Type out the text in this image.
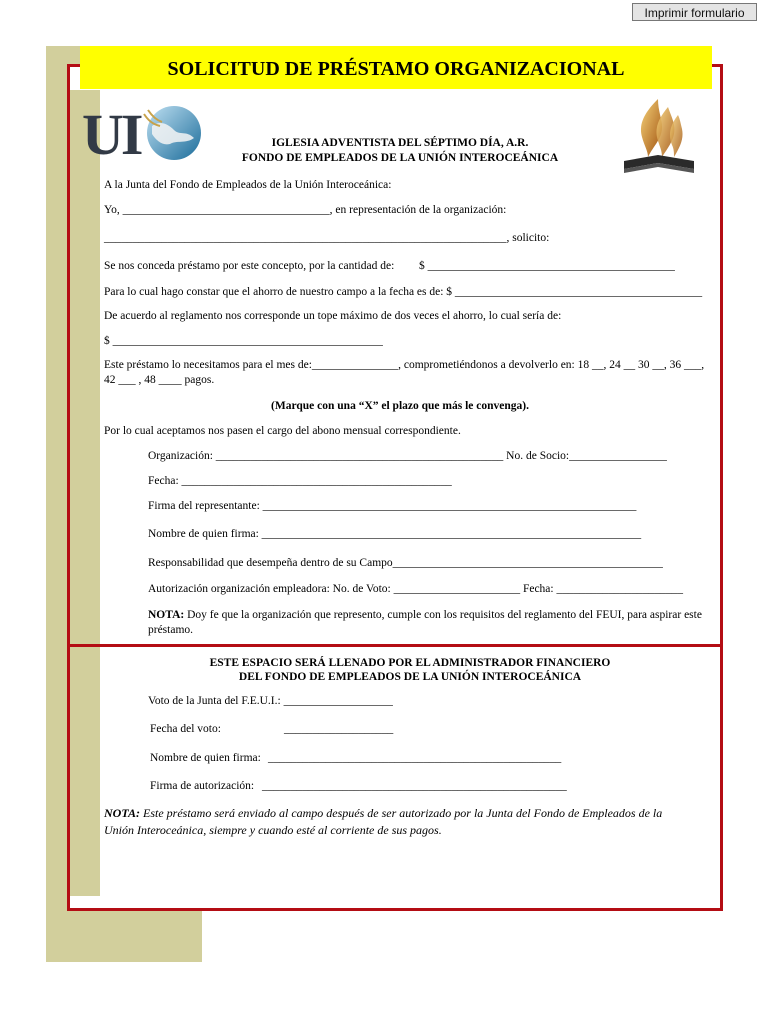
Imprimir formulario
SOLICITUD DE PRÉSTAMO ORGANIZACIONAL
UI	IGLESIA ADVENTISTA DEL SÉPTIMO DÍA, A.R.
FONDO DE EMPLEADOS DE LA UNIÓN INTEROCEÁNICA
A la Junta del Fondo de Empleados de la Unión Interoceánica:
Yo, ____________________________________, en representación de la organización:
______________________________________________________________________, solicito:
Se nos conceda préstamo por este concepto, por la cantidad de: $ ___________________________________________
Para lo cual hago constar que el ahorro de nuestro campo a la fecha es de: $ ___________________________________________
De acuerdo al reglamento nos corresponde un tope máximo de dos veces el ahorro, lo cual sería de:
$ _______________________________________________
Este préstamo lo necesitamos para el mes de:_______________, comprometiéndonos a devolverlo en: 18 __, 24 __ 30 __, 36 ___,
42 ___ , 48 ____ pagos.
(Marque con una “X” el plazo que más le convenga).
Por lo cual aceptamos nos pasen el cargo del abono mensual correspondiente.
Organización: __________________________________________________ No. de Socio:_________________
Fecha: _______________________________________________
Firma del representante: _________________________________________________________________
Nombre de quien firma: __________________________________________________________________
Responsabilidad que desempeña dentro de su Campo_______________________________________________
Autorización organización empleadora: No. de Voto: ______________________ Fecha: ______________________
NOTA: Doy fe que la organización que represento, cumple con los requisitos del reglamento del FEUI, para aspirar este
préstamo.
ESTE ESPACIO SERÁ LLENADO POR EL ADMINISTRADOR FINANCIERO
DEL FONDO DE EMPLEADOS DE LA UNIÓN INTEROCEÁNICA
Voto de la Junta del F.E.U.I.: ___________________
Fecha del voto:	___________________
Nombre de quien firma: ___________________________________________________
Firma de autorización: _____________________________________________________
NOTA: Este préstamo será enviado al campo después de ser autorizado por la Junta del Fondo de Empleados de la
Unión Interoceánica, siempre y cuando esté al corriente de sus pagos.
